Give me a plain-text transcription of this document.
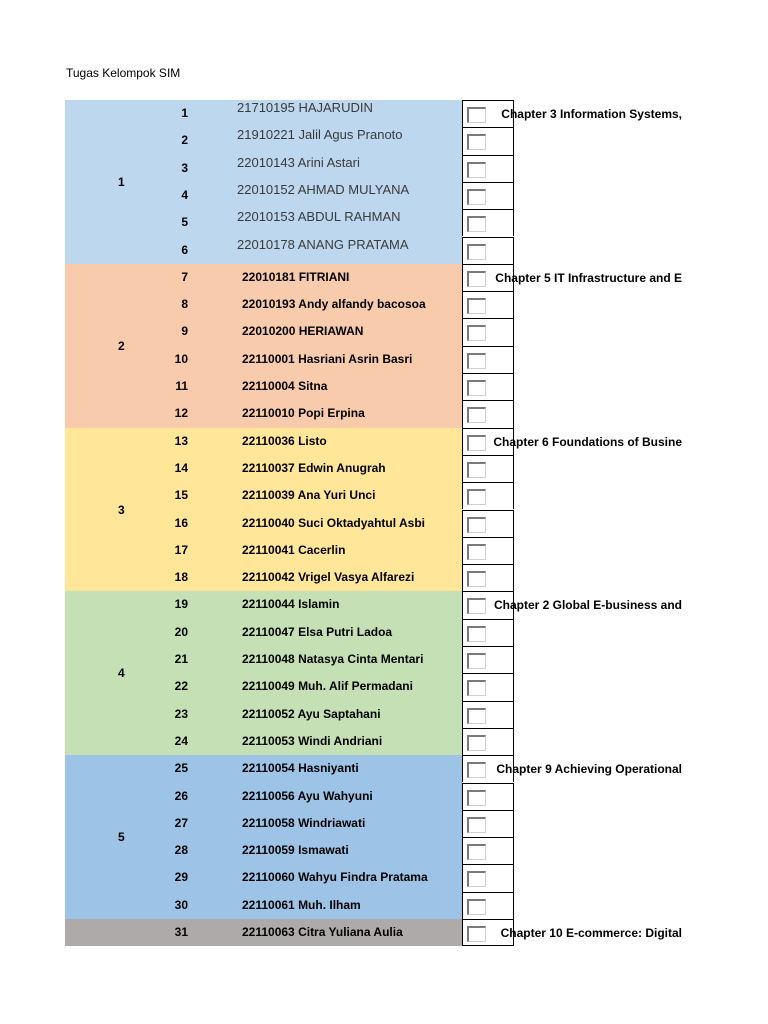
Tugas Kelompok SIM
1
1	21710195 HAJARUDIN	Chapter 3 Information Systems,
2	21910221 Jalil Agus Pranoto
3	22010143 Arini Astari
4	22010152 AHMAD MULYANA
5	22010153 ABDUL RAHMAN
6	22010178 ANANG PRATAMA
2
7	22010181 FITRIANI	Chapter 5 IT Infrastructure and E
8	22010193 Andy alfandy bacosoa
9	22010200 HERIAWAN
10	22110001 Hasriani Asrin Basri
11	22110004 Sitna
12	22110010 Popi Erpina
3
13	22110036 Listo	Chapter 6 Foundations of Busine
14	22110037 Edwin Anugrah
15	22110039 Ana Yuri Unci
16	22110040 Suci Oktadyahtul Asbi
17	22110041 Cacerlin
18	22110042 Vrigel Vasya Alfarezi
4
19	22110044 Islamin	Chapter 2 Global E-business and
20	22110047 Elsa Putri Ladoa
21	22110048 Natasya Cinta Mentari
22	22110049 Muh. Alif Permadani
23	22110052 Ayu Saptahani
24	22110053 Windi Andriani
5
25	22110054 Hasniyanti	Chapter 9 Achieving Operational
26	22110056 Ayu Wahyuni
27	22110058 Windriawati
28	22110059 Ismawati
29	22110060 Wahyu Findra Pratama
30	22110061 Muh. Ilham
31	22110063 Citra Yuliana Aulia	Chapter 10 E-commerce: Digital
